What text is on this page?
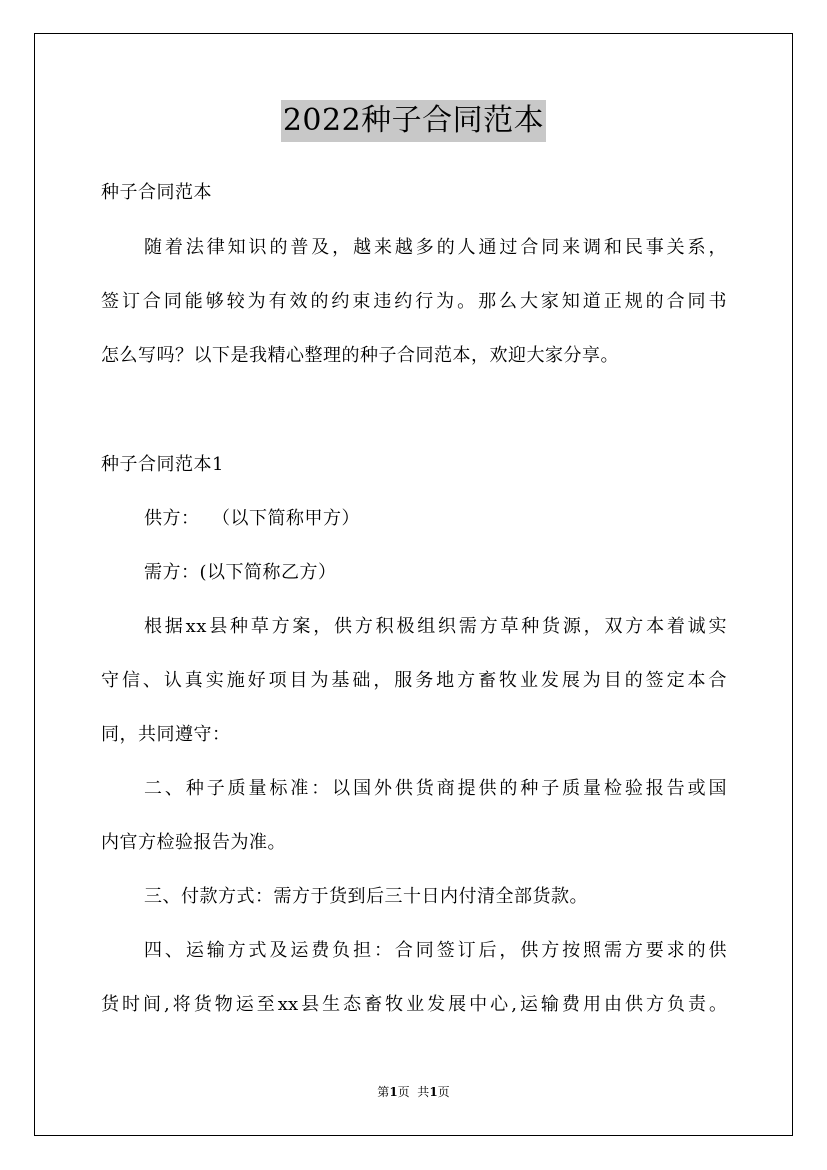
2022种子合同范本
种子合同范本
随着法律知识的普及，越来越多的人通过合同来调和民事关系，
签订合同能够较为有效的约束违约行为。那么大家知道正规的合同书
怎么写吗？以下是我精心整理的种子合同范本，欢迎大家分享。
种子合同范本1
供方：  （以下简称甲方）
需方：(以下简称乙方）
根据xx县种草方案，供方积极组织需方草种货源，双方本着诚实
守信、认真实施好项目为基础，服务地方畜牧业发展为目的签定本合
同，共同遵守：
二、种子质量标准：以国外供货商提供的种子质量检验报告或国
内官方检验报告为准。
三、付款方式：需方于货到后三十日内付清全部货款。
四、运输方式及运费负担：合同签订后，供方按照需方要求的供
货时间,将货物运至xx县生态畜牧业发展中心,运输费用由供方负责。
第1页  共1页
